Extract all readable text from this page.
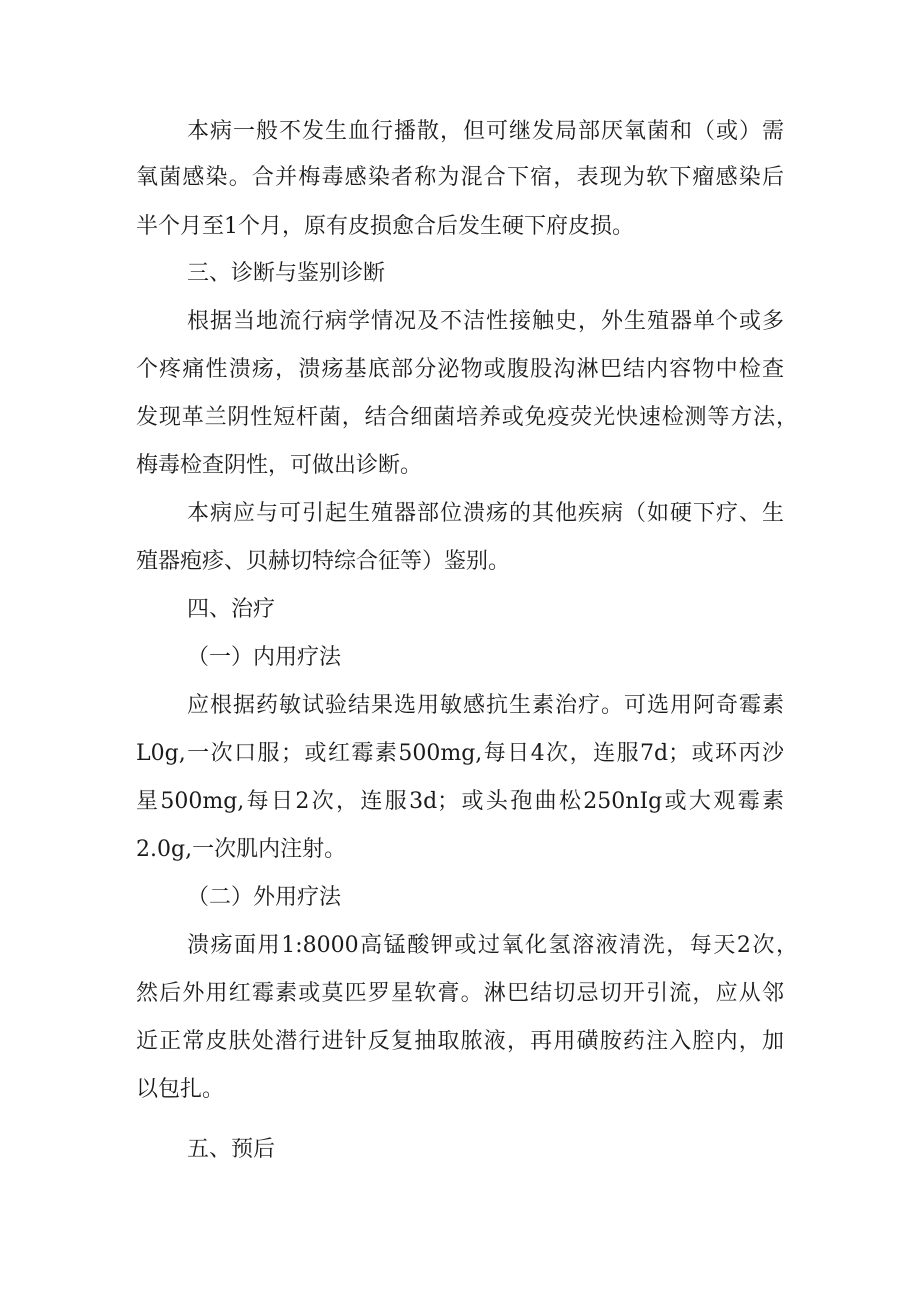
本病一般不发生血行播散，但可继发局部厌氧菌和（或）需
氧菌感染。合并梅毒感染者称为混合下宿，表现为软下瘤感染后
半个月至1个月，原有皮损愈合后发生硬下府皮损。
三、诊断与鉴别诊断
根据当地流行病学情况及不洁性接触史，外生殖器单个或多
个疼痛性溃疡，溃疡基底部分泌物或腹股沟淋巴结内容物中检查
发现革兰阴性短杆菌，结合细菌培养或免疫荧光快速检测等方法，
梅毒检查阴性，可做出诊断。
本病应与可引起生殖器部位溃疡的其他疾病（如硬下疗、生
殖器疱疹、贝赫切特综合征等）鉴别。
四、治疗
（一）内用疗法
应根据药敏试验结果选用敏感抗生素治疗。可选用阿奇霉素
L0g,一次口服；或红霉素500mg,每日4次，连服7d；或环丙沙
星500mg,每日2次，连服3d；或头孢曲松250nIg或大观霉素
2.0g,一次肌内注射。
（二）外用疗法
溃疡面用1:8000高锰酸钾或过氧化氢溶液清洗，每天2次，
然后外用红霉素或莫匹罗星软膏。淋巴结切忌切开引流，应从邻
近正常皮肤处潜行进针反复抽取脓液，再用磺胺药注入腔内，加
以包扎。
五、预后
